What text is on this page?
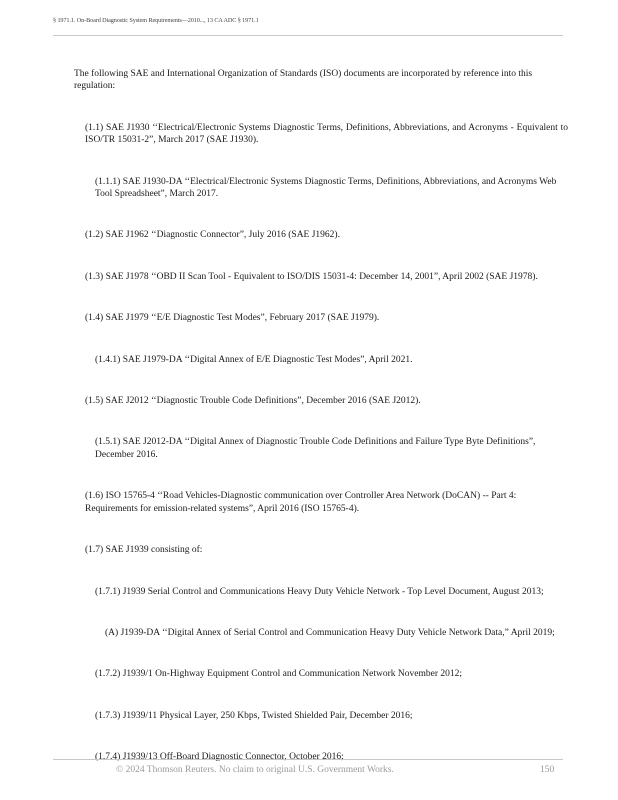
§ 1971.1. On-Board Diagnostic System Requirements—2010..., 13 CA ADC § 1971.1

The following SAE and International Organization of Standards (ISO) documents are incorporated by reference into this regulation:

(1.1) SAE J1930 ‘‘Electrical/Electronic Systems Diagnostic Terms, Definitions, Abbreviations, and Acronyms - Equivalent to ISO/TR 15031-2”, March 2017 (SAE J1930).

(1.1.1) SAE J1930-DA ‘‘Electrical/Electronic Systems Diagnostic Terms, Definitions, Abbreviations, and Acronyms Web Tool Spreadsheet”, March 2017.

(1.2) SAE J1962 ‘‘Diagnostic Connector”, July 2016 (SAE J1962).

(1.3) SAE J1978 ‘‘OBD II Scan Tool - Equivalent to ISO/DIS 15031-4: December 14, 2001”, April 2002 (SAE J1978).

(1.4) SAE J1979 ‘‘E/E Diagnostic Test Modes”, February 2017 (SAE J1979).

(1.4.1) SAE J1979-DA ‘‘Digital Annex of E/E Diagnostic Test Modes”, April 2021.

(1.5) SAE J2012 ‘‘Diagnostic Trouble Code Definitions”, December 2016 (SAE J2012).

(1.5.1) SAE J2012-DA ‘‘Digital Annex of Diagnostic Trouble Code Definitions and Failure Type Byte Definitions”, December 2016.

(1.6) ISO 15765-4 ‘‘Road Vehicles-Diagnostic communication over Controller Area Network (DoCAN) -- Part 4: Requirements for emission-related systems”, April 2016 (ISO 15765-4).

(1.7) SAE J1939 consisting of:

(1.7.1) J1939 Serial Control and Communications Heavy Duty Vehicle Network - Top Level Document, August 2013;

(A) J1939-DA ‘‘Digital Annex of Serial Control and Communication Heavy Duty Vehicle Network Data,” April 2019;

(1.7.2) J1939/1 On-Highway Equipment Control and Communication Network November 2012;

(1.7.3) J1939/11 Physical Layer, 250 Kbps, Twisted Shielded Pair, December 2016;

(1.7.4) J1939/13 Off-Board Diagnostic Connector, October 2016;

© 2024 Thomson Reuters. No claim to original U.S. Government Works.	150
